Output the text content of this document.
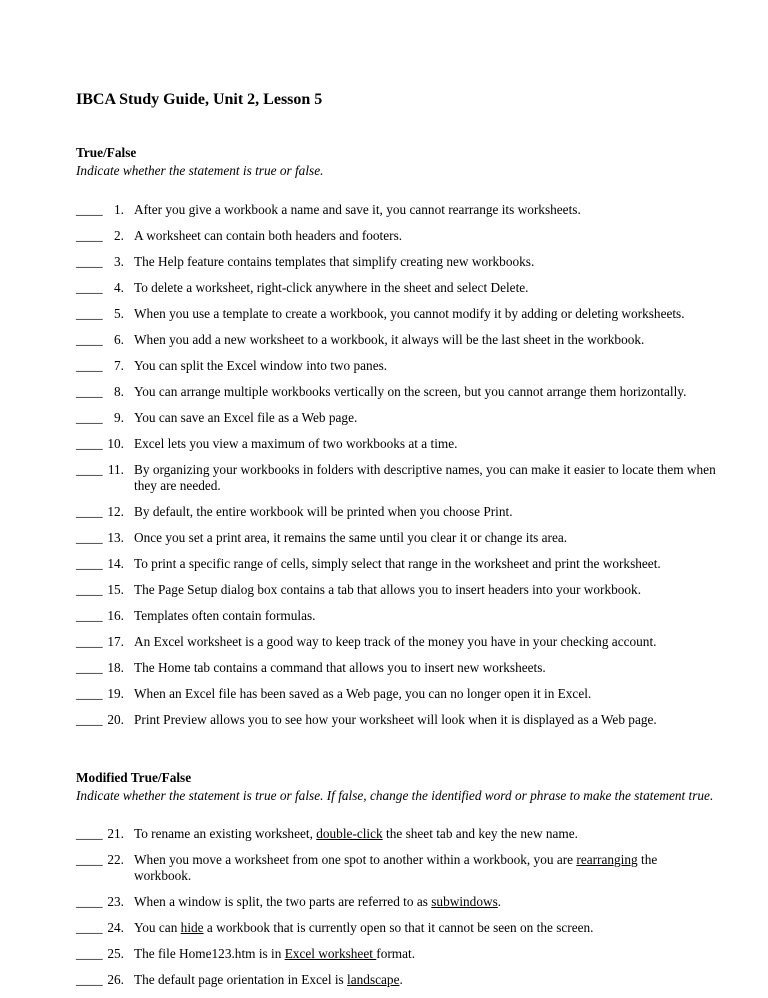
IBCA Study Guide, Unit 2, Lesson 5
True/False
Indicate whether the statement is true or false.
____ 1. After you give a workbook a name and save it, you cannot rearrange its worksheets.
____ 2. A worksheet can contain both headers and footers.
____ 3. The Help feature contains templates that simplify creating new workbooks.
____ 4. To delete a worksheet, right-click anywhere in the sheet and select Delete.
____ 5. When you use a template to create a workbook, you cannot modify it by adding or deleting worksheets.
____ 6. When you add a new worksheet to a workbook, it always will be the last sheet in the workbook.
____ 7. You can split the Excel window into two panes.
____ 8. You can arrange multiple workbooks vertically on the screen, but you cannot arrange them horizontally.
____ 9. You can save an Excel file as a Web page.
____ 10. Excel lets you view a maximum of two workbooks at a time.
____ 11. By organizing your workbooks in folders with descriptive names, you can make it easier to locate them when they are needed.
____ 12. By default, the entire workbook will be printed when you choose Print.
____ 13. Once you set a print area, it remains the same until you clear it or change its area.
____ 14. To print a specific range of cells, simply select that range in the worksheet and print the worksheet.
____ 15. The Page Setup dialog box contains a tab that allows you to insert headers into your workbook.
____ 16. Templates often contain formulas.
____ 17. An Excel worksheet is a good way to keep track of the money you have in your checking account.
____ 18. The Home tab contains a command that allows you to insert new worksheets.
____ 19. When an Excel file has been saved as a Web page, you can no longer open it in Excel.
____ 20. Print Preview allows you to see how your worksheet will look when it is displayed as a Web page.
Modified True/False
Indicate whether the statement is true or false. If false, change the identified word or phrase to make the statement true.
____ 21. To rename an existing worksheet, double-click the sheet tab and key the new name.
____ 22. When you move a worksheet from one spot to another within a workbook, you are rearranging the workbook.
____ 23. When a window is split, the two parts are referred to as subwindows.
____ 24. You can hide a workbook that is currently open so that it cannot be seen on the screen.
____ 25. The file Home123.htm is in Excel worksheet format.
____ 26. The default page orientation in Excel is landscape.
